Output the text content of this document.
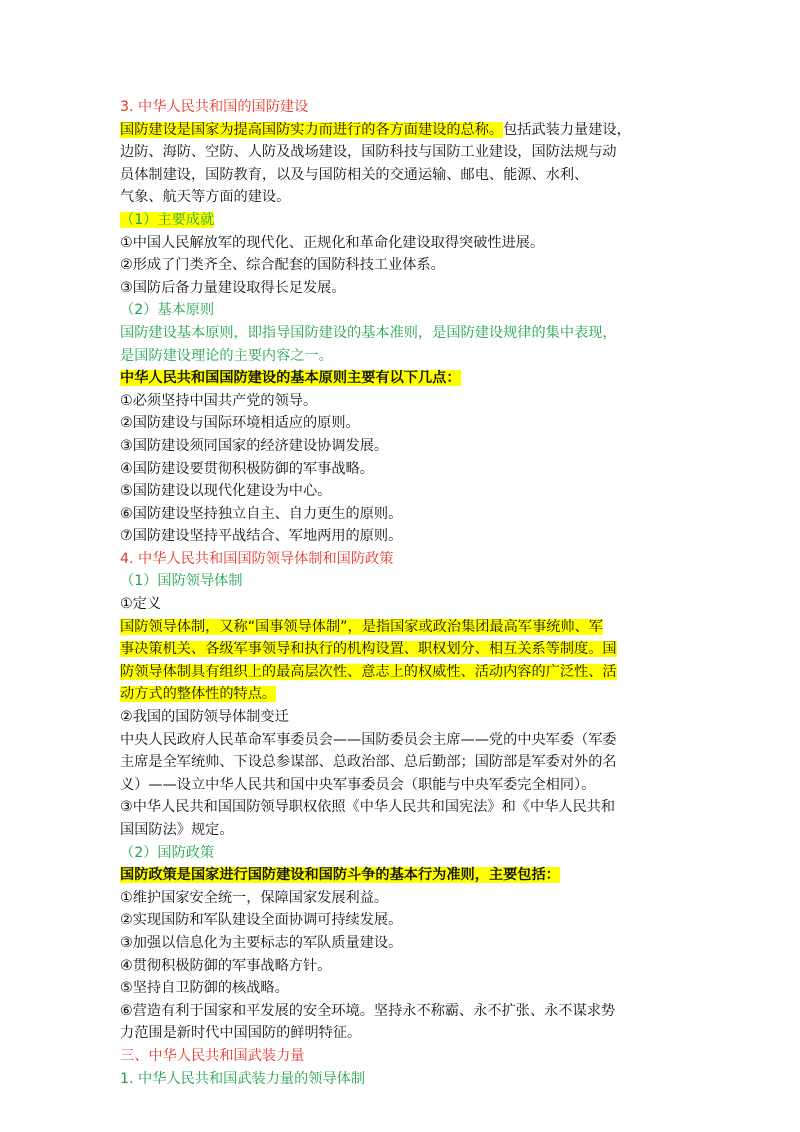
3. 中华人民共和国的国防建设
国防建设是国家为提高国防实力而进行的各方面建设的总称。包括武装力量建设，
边防、海防、空防、人防及战场建设，国防科技与国防工业建设，国防法规与动
员体制建设，国防教育，以及与国防相关的交通运输、邮电、能源、水利、
气象、航天等方面的建设。
（1）主要成就
①中国人民解放军的现代化、正规化和革命化建设取得突破性进展。
②形成了门类齐全、综合配套的国防科技工业体系。
③国防后备力量建设取得长足发展。
（2）基本原则
国防建设基本原则，即指导国防建设的基本准则，是国防建设规律的集中表现，
是国防建设理论的主要内容之一。
中华人民共和国国防建设的基本原则主要有以下几点：
①必须坚持中国共产党的领导。
②国防建设与国际环境相适应的原则。
③国防建设须同国家的经济建设协调发展。
④国防建设要贯彻积极防御的军事战略。
⑤国防建设以现代化建设为中心。
⑥国防建设坚持独立自主、自力更生的原则。
⑦国防建设坚持平战结合、军地两用的原则。
4. 中华人民共和国国防领导体制和国防政策
（1）国防领导体制
①定义
国防领导体制，又称“国事领导体制”，是指国家或政治集团最高军事统帅、军
事决策机关、各级军事领导和执行的机构设置、职权划分、相互关系等制度。国
防领导体制具有组织上的最高层次性、意志上的权威性、活动内容的广泛性、活
动方式的整体性的特点。
②我国的国防领导体制变迁
中央人民政府人民革命军事委员会——国防委员会主席——党的中央军委（军委
主席是全军统帅、下设总参谋部、总政治部、总后勤部；国防部是军委对外的名
义）——设立中华人民共和国中央军事委员会（职能与中央军委完全相同）。
③中华人民共和国国防领导职权依照《中华人民共和国宪法》和《中华人民共和
国国防法》规定。
（2）国防政策
国防政策是国家进行国防建设和国防斗争的基本行为准则，主要包括：
①维护国家安全统一，保障国家发展利益。
②实现国防和军队建设全面协调可持续发展。
③加强以信息化为主要标志的军队质量建设。
④贯彻积极防御的军事战略方针。
⑤坚持自卫防御的核战略。
⑥营造有利于国家和平发展的安全环境。坚持永不称霸、永不扩张、永不谋求势
力范围是新时代中国国防的鲜明特征。
三、中华人民共和国武装力量
1. 中华人民共和国武装力量的领导体制
